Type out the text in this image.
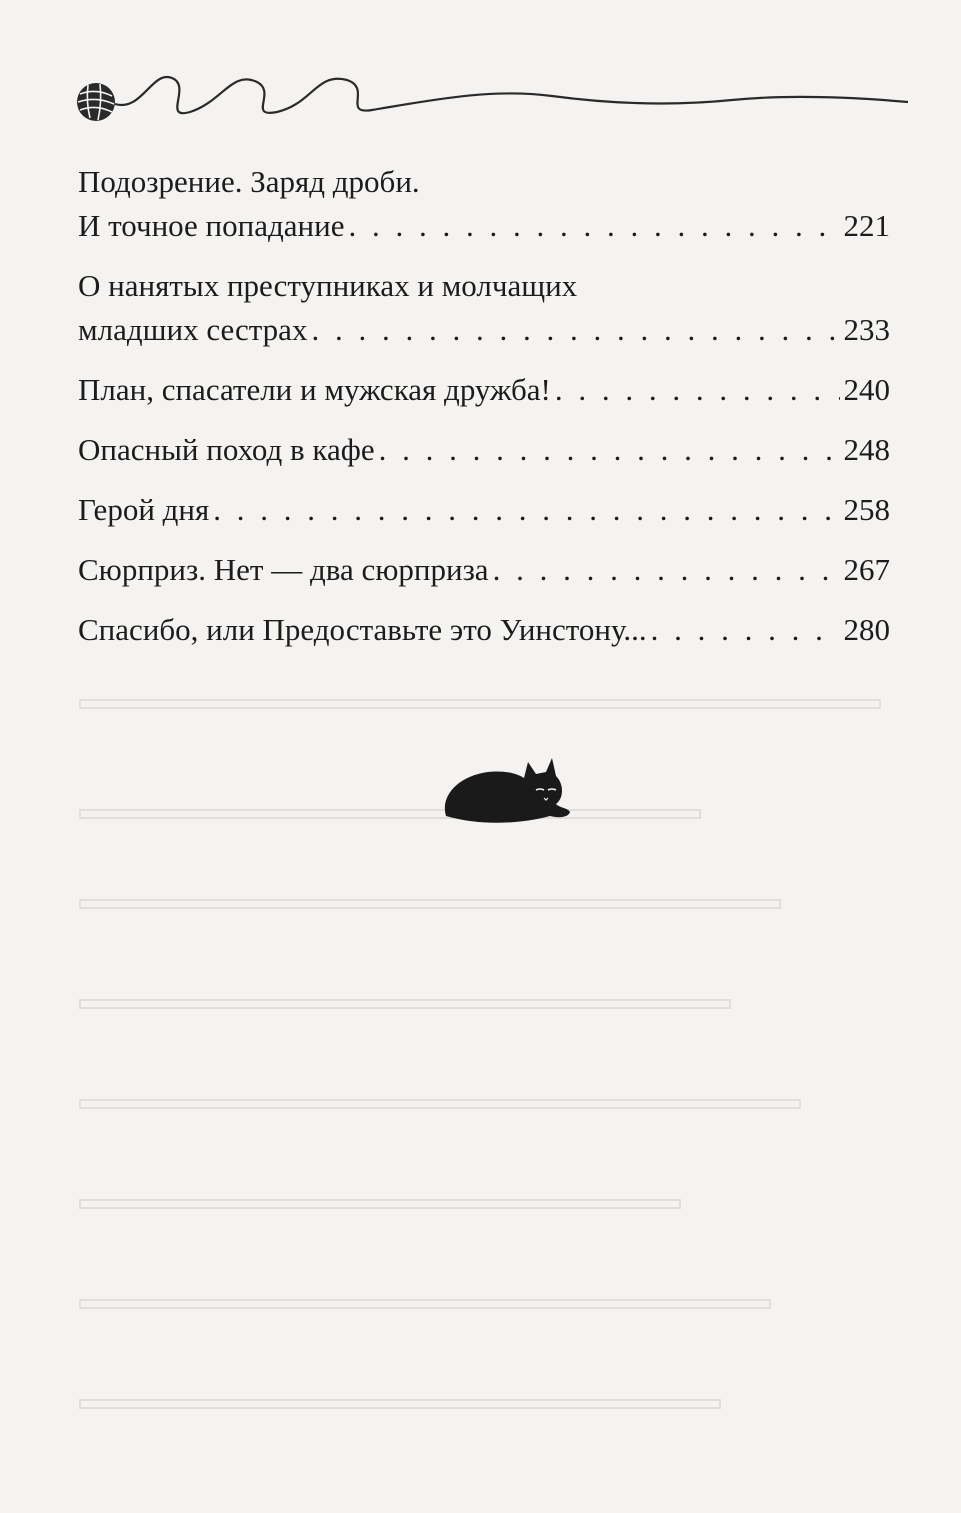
Подозрение. Заряд дроби.
И точное попадание . . .	221
О нанятых преступниках и молчащих
младших сестрах . . .	233
План, спасатели и мужская дружба! . . .	240
Опасный поход в кафе . . .	248
Герой дня . . .	258
Сюрприз. Нет — два сюрприза . . .	267
Спасибо, или Предоставьте это Уинстону... . . .	280
